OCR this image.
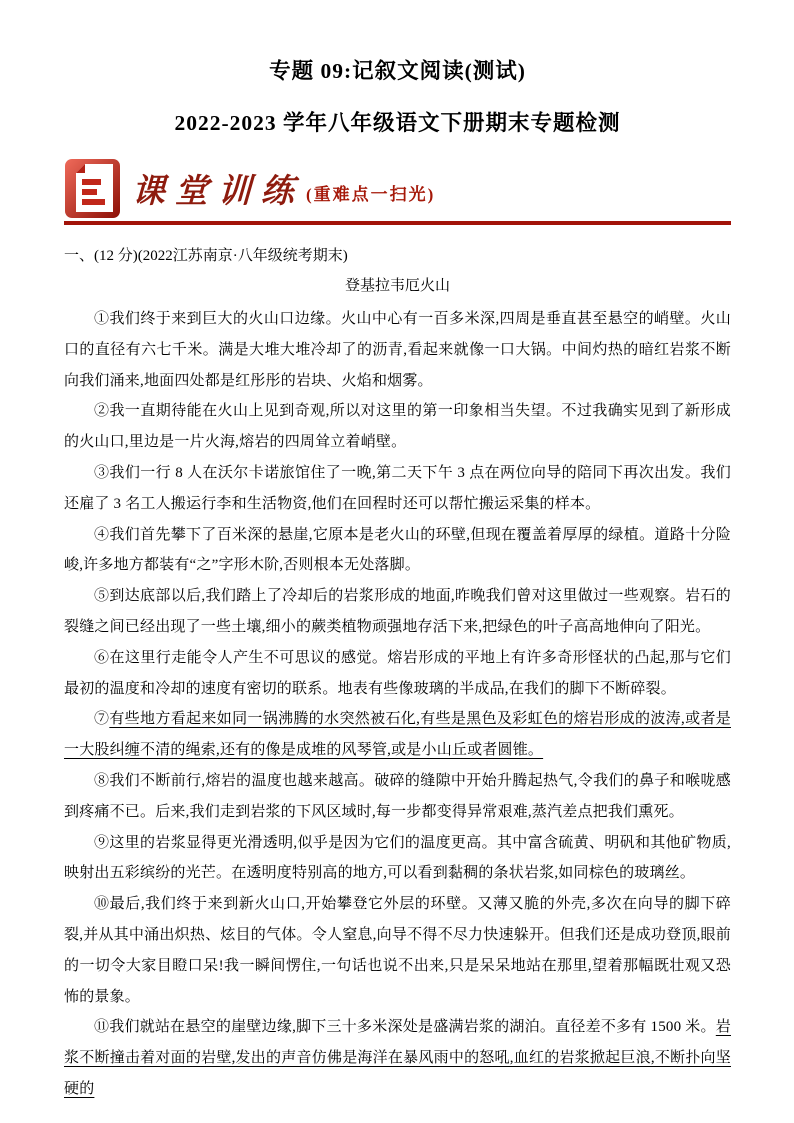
专题 09:记叙文阅读(测试)
2022-2023 学年八年级语文下册期末专题检测
课堂训练 (重难点一扫光)
一、(12 分)(2022江苏南京·八年级统考期末)
登基拉韦厄火山

①我们终于来到巨大的火山口边缘。火山中心有一百多米深,四周是垂直甚至悬空的峭壁。火山口的直径有六七千米。满是大堆大堆冷却了的沥青,看起来就像一口大锅。中间灼热的暗红岩浆不断向我们涌来,地面四处都是红彤彤的岩块、火焰和烟雾。

②我一直期待能在火山上见到奇观,所以对这里的第一印象相当失望。不过我确实见到了新形成的火山口,里边是一片火海,熔岩的四周耸立着峭壁。

③我们一行 8 人在沃尔卡诺旅馆住了一晚,第二天下午 3 点在两位向导的陪同下再次出发。我们还雇了 3 名工人搬运行李和生活物资,他们在回程时还可以帮忙搬运采集的样本。

④我们首先攀下了百米深的悬崖,它原本是老火山的环壁,但现在覆盖着厚厚的绿植。道路十分险峻,许多地方都装有“之”字形木阶,否则根本无处落脚。

⑤到达底部以后,我们踏上了冷却后的岩浆形成的地面,昨晚我们曾对这里做过一些观察。岩石的裂缝之间已经出现了一些土壤,细小的蕨类植物顽强地存活下来,把绿色的叶子高高地伸向了阳光。

⑥在这里行走能令人产生不可思议的感觉。熔岩形成的平地上有许多奇形怪状的凸起,那与它们最初的温度和冷却的速度有密切的联系。地表有些像玻璃的半成品,在我们的脚下不断碎裂。

⑦有些地方看起来如同一锅沸腾的水突然被石化,有些是黑色及彩虹色的熔岩形成的波涛,或者是一大股纠缠不清的绳索,还有的像是成堆的风琴管,或是小山丘或者圆锥。

⑧我们不断前行,熔岩的温度也越来越高。破碎的缝隙中开始升腾起热气,令我们的鼻子和喉咙感到疼痛不已。后来,我们走到岩浆的下风区域时,每一步都变得异常艰难,蒸汽差点把我们熏死。

⑨这里的岩浆显得更光滑透明,似乎是因为它们的温度更高。其中富含硫黄、明矾和其他矿物质,映射出五彩缤纷的光芒。在透明度特别高的地方,可以看到黏稠的条状岩浆,如同棕色的玻璃丝。

⑩最后,我们终于来到新火山口,开始攀登它外层的环壁。又薄又脆的外壳,多次在向导的脚下碎裂,并从其中涌出炽热、炫目的气体。令人窒息,向导不得不尽力快速躲开。但我们还是成功登顶,眼前的一切令大家目瞪口呆!我一瞬间愣住,一句话也说不出来,只是呆呆地站在那里,望着那幅既壮观又恐怖的景象。

⑪我们就站在悬空的崖壁边缘,脚下三十多米深处是盛满岩浆的湖泊。直径差不多有 1500 米。岩浆不断撞击着对面的岩壁,发出的声音仿佛是海洋在暴风雨中的怒吼,血红的岩浆掀起巨浪,不断扑向坚硬的
